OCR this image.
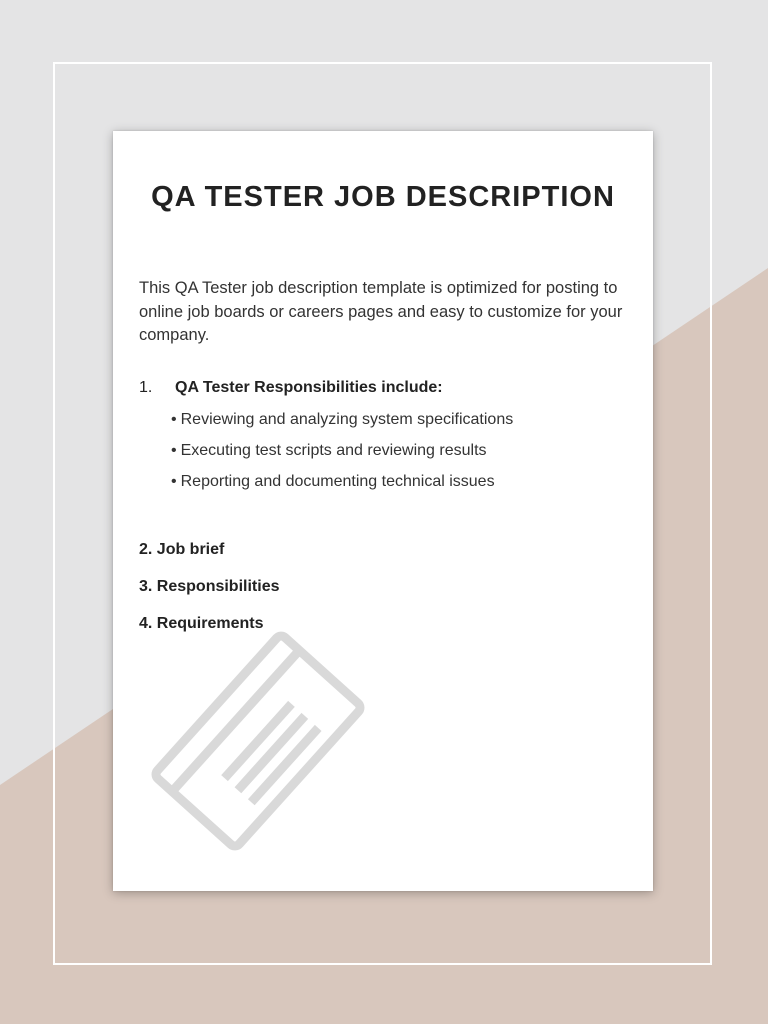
QA TESTER JOB DESCRIPTION

This QA Tester job description template is optimized for posting to online job boards or careers pages and easy to customize for your company.

1. QA Tester Responsibilities include:
• Reviewing and analyzing system specifications
• Executing test scripts and reviewing results
• Reporting and documenting technical issues
2. Job brief
3. Responsibilities
4. Requirements
